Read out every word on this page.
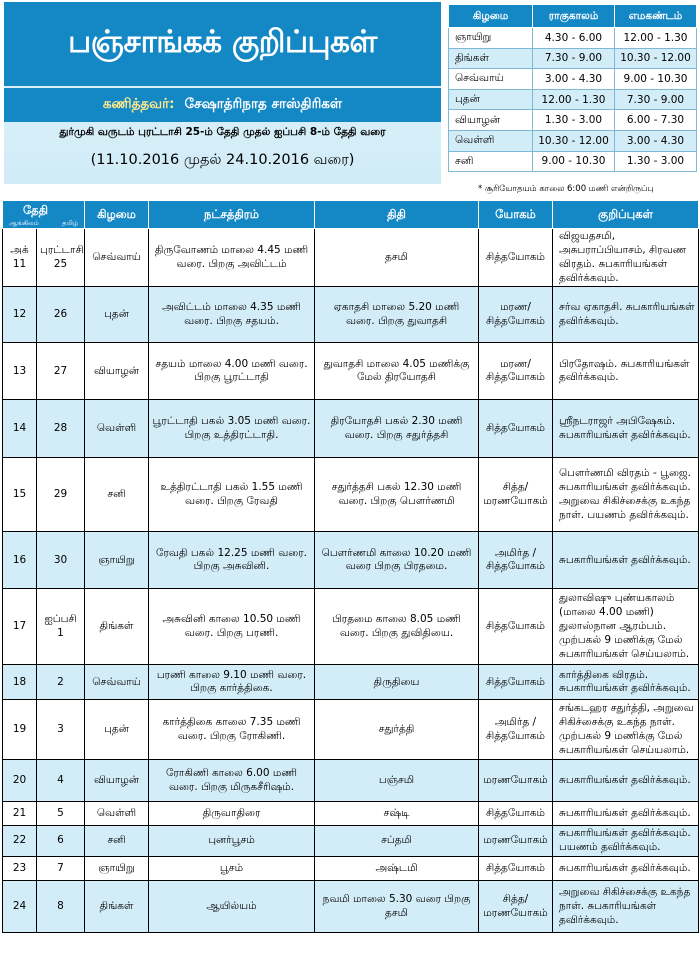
பஞ்சாங்கக் குறிப்புகள்
கணித்தவர்: சேஷாத்ரிநாத சாஸ்திரிகள்
துர்முகி வருடம் புரட்டாசி 25-ம் தேதி முதல் ஐப்பசி 8-ம் தேதி வரை
(11.10.2016 முதல் 24.10.2016 வரை)
கிழமை	ராகுகாலம்	எமகண்டம்
ஞாயிறு	4.30 - 6.00	12.00 - 1.30
திங்கள்	7.30 - 9.00	10.30 - 12.00
செவ்வாய்	3.00 - 4.30	9.00 - 10.30
புதன்	12.00 - 1.30	7.30 - 9.00
வியாழன்	1.30 - 3.00	6.00 - 7.30
வெள்ளி	10.30 - 12.00	3.00 - 4.30
சனி	9.00 - 10.30	1.30 - 3.00
* சூரியோதயம் காலை 6:00 மணி என்றிருப்பு
தேதி
ஆங்கிலம் தமிழ்		கிழமை	நட்சத்திரம்	திதி	யோகம்	குறிப்புகள்
அக் 11	புரட்டாசி 25	செவ்வாய்	திருவோணம் மாலை 4.45 மணி வரை. பிறகு அவிட்டம்	தசமி	சித்தயோகம்	விஜயதசமி, அசுபராப்பியாசம், சிரவண விரதம். சுபகாரியங்கள் தவிர்க்கவும்.
12	26	புதன்	அவிட்டம் மாலை 4.35 மணி வரை. பிறகு சதயம்.	ஏகாதசி மாலை 5.20 மணி வரை. பிறகு துவாதசி	மரண/ சித்தயோகம்	சர்வ ஏகாதசி. சுபகாரியங்கள் தவிர்க்கவும்.
13	27	வியாழன்	சதயம் மாலை 4.00 மணி வரை. பிறகு பூரட்டாதி	துவாதசி மாலை 4.05 மணிக்கு மேல் திரயோதசி	மரண/ சித்தயோகம்	பிரதோஷம். சுபகாரியங்கள் தவிர்க்கவும்.
14	28	வெள்ளி	பூரட்டாதி பகல் 3.05 மணி வரை. பிறகு உத்திரட்டாதி.	திரயோதசி பகல் 2.30 மணி வரை. பிறகு சதுர்த்தசி	சித்தயோகம்	ஸ்ரீநடராஜர் அபிஷேகம். சுபகாரியங்கள் தவிர்க்கவும்.
15	29	சனி	உத்திரட்டாதி பகல் 1.55 மணி வரை. பிறகு ரேவதி	சதுர்த்தசி பகல் 12.30 மணி வரை. பிறகு பௌர்ணமி	சித்த/ மரணயோகம்	பௌர்ணமி விரதம் - பூஜை. சுபகாரியங்கள் தவிர்க்கவும். அறுவை சிகிச்சைக்கு உகந்த நாள். பயணம் தவிர்க்கவும்.
16	30	ஞாயிறு	ரேவதி பகல் 12.25 மணி வரை. பிறகு அசுவினி.	பௌர்ணமி காலை 10.20 மணி வரை பிறகு பிரதமை.	அமிர்த / சித்தயோகம்	சுபகாரியங்கள் தவிர்க்கவும்.
17	ஐப்பசி 1	திங்கள்	அசுவினி காலை 10.50 மணி வரை. பிறகு பரணி.	பிரதமை காலை 8.05 மணி வரை. பிறகு துவிதியை.	சித்தயோகம்	துலாவிஷு புண்யகாலம் (மாலை 4.00 மணி) துலாஸ்நான ஆரம்பம். முற்பகல் 9 மணிக்கு மேல் சுபகாரியங்கள் செய்யலாம்.
18	2	செவ்வாய்	பரணி காலை 9.10 மணி வரை. பிறகு கார்த்திகை.	திருதியை	சித்தயோகம்	கார்த்திகை விரதம். சுபகாரியங்கள் தவிர்க்கவும்.
19	3	புதன்	கார்த்திகை காலை 7.35 மணி வரை. பிறகு ரோகிணி.	சதுர்த்தி	அமிர்த / சித்தயோகம்	சங்கடஹர சதுர்த்தி, அறுவை சிகிச்சைக்கு உகந்த நாள். முற்பகல் 9 மணிக்கு மேல் சுபகாரியங்கள் செய்யலாம்.
20	4	வியாழன்	ரோகிணி காலை 6.00 மணி வரை. பிறகு மிருகசீரிஷம்.	பஞ்சமி	மரணயோகம்	சுபகாரியங்கள் தவிர்க்கவும்.
21	5	வெள்ளி	திருவாதிரை	சஷ்டி	சித்தயோகம்	சுபகாரியங்கள் தவிர்க்கவும்.
22	6	சனி	புனர்பூசம்	சப்தமி	மரணயோகம்	சுபகாரியங்கள் தவிர்க்கவும். பயணம் தவிர்க்கவும்.
23	7	ஞாயிறு	பூசம்	அஷ்டமி	சித்தயோகம்	சுபகாரியங்கள் தவிர்க்கவும்.
24	8	திங்கள்	ஆயில்யம்	நவமி மாலை 5.30 வரை பிறகு தசமி	சித்த/ மரணயோகம்	அறுவை சிகிச்சைக்கு உகந்த நாள். சுபகாரியங்கள் தவிர்க்கவும்.
